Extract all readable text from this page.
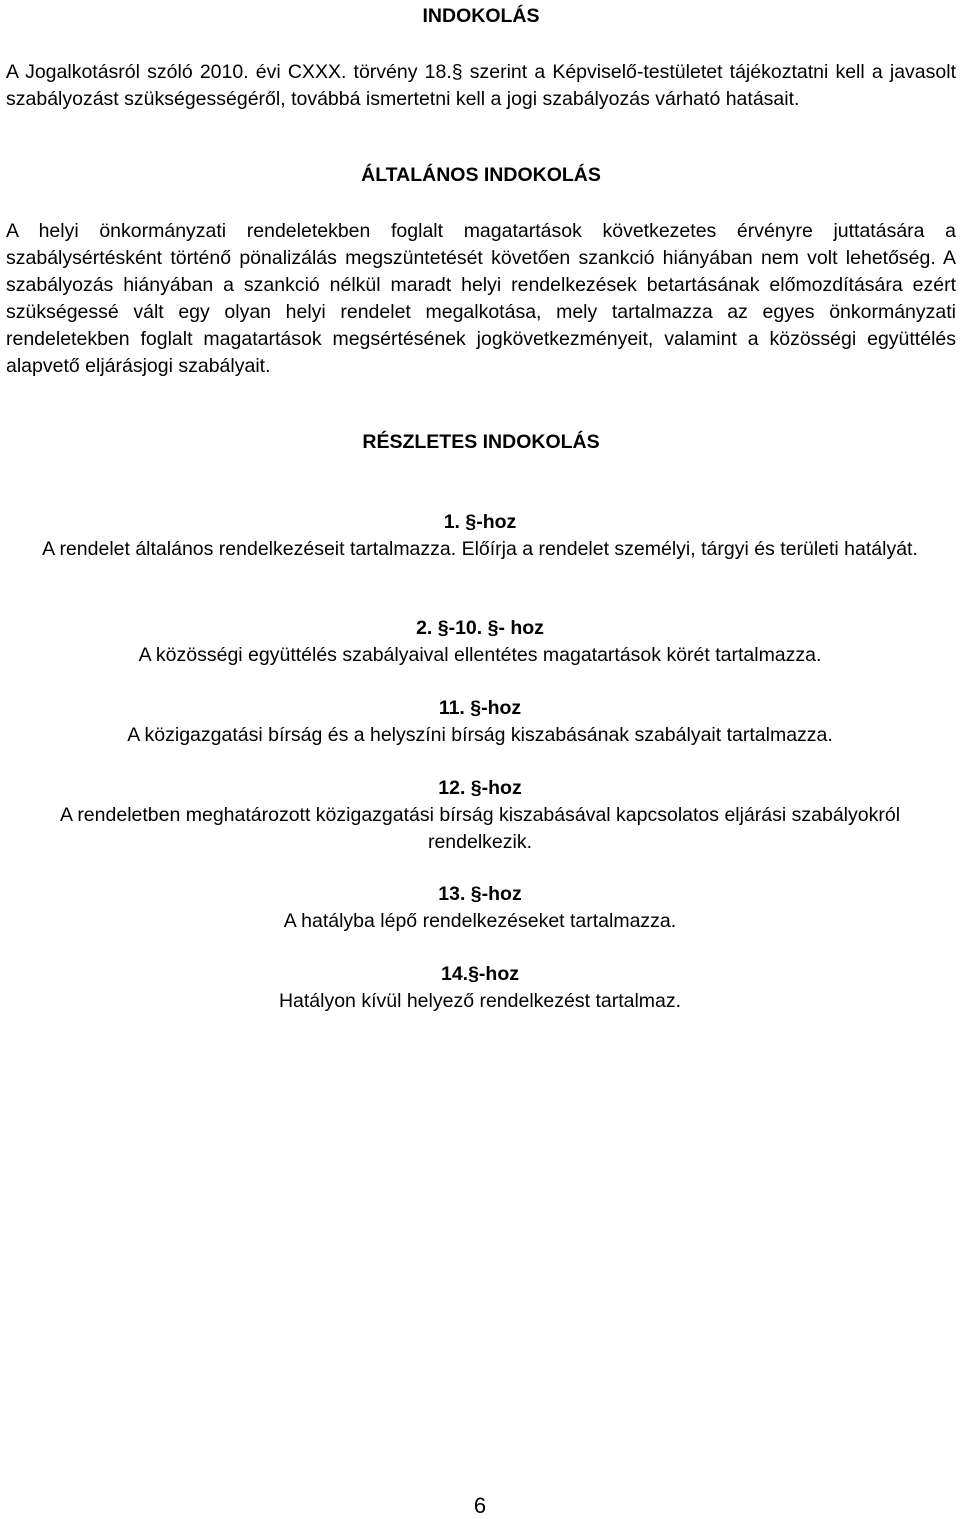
INDOKOLÁS
A Jogalkotásról szóló 2010. évi CXXX. törvény 18.§ szerint a Képviselő-testületet tájékoztatni kell a javasolt szabályozást szükségességéről, továbbá ismertetni kell a jogi szabályozás várható hatásait.
ÁLTALÁNOS INDOKOLÁS
A helyi önkormányzati rendeletekben foglalt magatartások következetes érvényre juttatására a szabálysértésként történő pönalizálás megszüntetését követően szankció hiányában nem volt lehetőség. A szabályozás hiányában a szankció nélkül maradt helyi rendelkezések betartásának előmozdítására ezért szükségessé vált egy olyan helyi rendelet megalkotása, mely tartalmazza az egyes önkormányzati rendeletekben foglalt magatartások megsértésének jogkövetkezményeit, valamint a közösségi együttélés alapvető eljárásjogi szabályait.
RÉSZLETES INDOKOLÁS

1. §-hoz

A rendelet általános rendelkezéseit tartalmazza. Előírja a rendelet személyi, tárgyi és területi hatályát.

2. §-10. §- hoz

A közösségi együttélés szabályaival ellentétes magatartások körét tartalmazza.

11. §-hoz

A közigazgatási bírság és a helyszíni bírság kiszabásának szabályait tartalmazza.

12. §-hoz

A rendeletben meghatározott közigazgatási bírság kiszabásával kapcsolatos eljárási szabályokról rendelkezik.

13. §-hoz

A hatályba lépő rendelkezéseket tartalmazza.

14.§-hoz

Hatályon kívül helyező rendelkezést tartalmaz.

6
